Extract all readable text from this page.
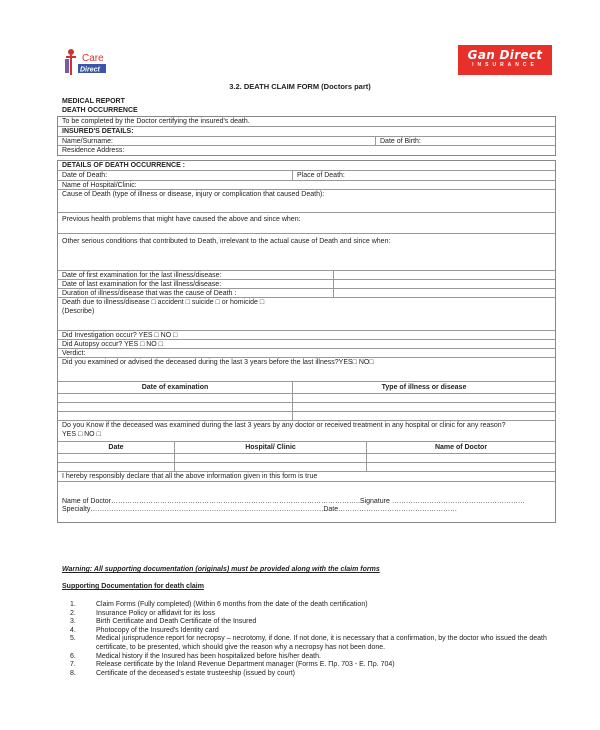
Care
Direct
Gan Direct
INSURANCE
3.2. DEATH CLAIM FORM (Doctors part)
MEDICAL REPORT
DEATH OCCURRENCE
To be completed by the Doctor certifying the insured's death.
INSURED'S DETAILS:
Name/Surname:	Date of Birth:
Residence Address:
DETAILS OF DEATH OCCURRENCE :
Date of Death:	Place of Death:
Name of Hospital/Clinic:
Cause of Death (type of illness or disease, injury or complication that caused Death):
Previous health problems that might have caused the above and since when:
Other serious conditions that contributed to Death, irrelevant to the actual cause of Death and since when:
Date of first examination for the last illness/disease:
Date of last examination for the last illness/disease:
Duration of illness/disease that was the cause of Death :
Death due to illness/disease □ accident □ suicide □ or homicide □
(Describe)
Did Investigation occur? YES □ NO □
Did Autopsy occur? YES □ NO □
Verdict:
Did you examined or advised the deceased during the last 3 years before the last illness?YES□ NO□
Date of examination	Type of illness or disease
Do you Know if the deceased was examined during the last 3 years by any doctor or received treatment in any hospital or clinic for any reason?
YES □ NO □
Date	Hospital/ Clinic	Name of Doctor
I hereby responsibly declare that all the above information given in this form is true
Name of Doctor……………………………………………………………………………………………..Signature …………………………………………………
Specialty……………………………………………………………………………………….Date……………………………………………
Warning: All supporting documentation (originals) must be provided along with the claim forms
Supporting Documentation for death claim
1.	Claim Forms (Fully completed) (Within 6 months from the date of the death certification)
2.	Insurance Policy or affidavit for its loss
3.	Birth Certificate and Death Certificate of the Insured
4.	Photocopy of the Insured's Identity card
5.	Medical jurisprudence report for necropsy – necrotomy, if done. If not done, it is necessary that a confirmation, by the doctor who issued the death certificate, to be presented, which should give the reason why a necropsy has not been done.
6.	Medical history if the Insured has been hospitalized before his/her death.
7.	Release certificate by the Inland Revenue Department manager (Forms E. Πρ. 703 - E. Πρ. 704)
8.	Certificate of the deceased's estate trusteeship (issued by court)
